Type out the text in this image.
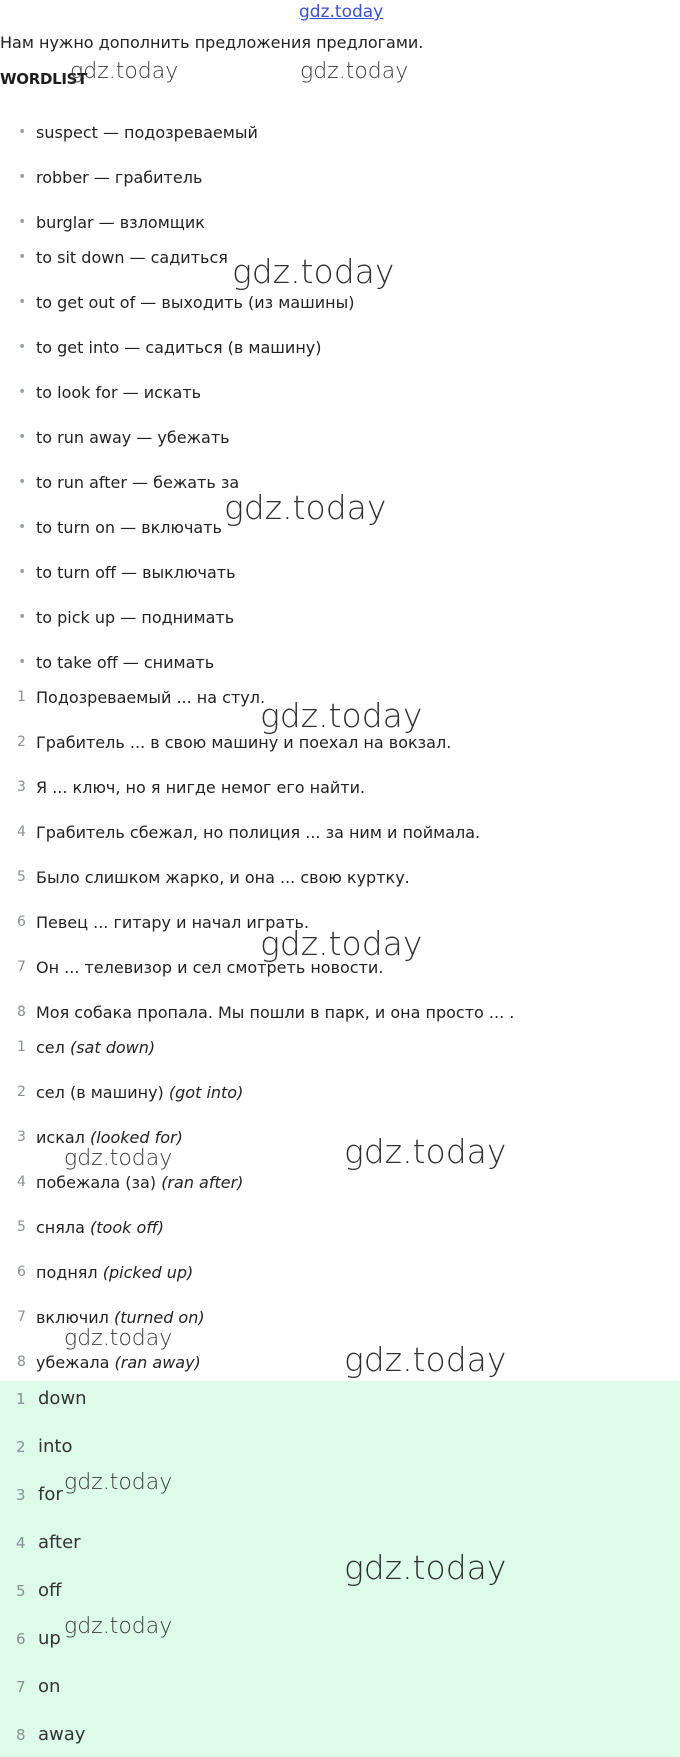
gdz.today
Нам нужно дополнить предложения предлогами.
WORDLIST
• suspect — подозреваемый
• robber — грабитель
• burglar — взломщик
• to sit down — садиться
• to get out of — выходить (из машины)
• to get into — садиться (в машину)
• to look for — искать
• to run away — убежать
• to run after — бежать за
• to turn on — включать
• to turn off — выключать
• to pick up — поднимать
• to take off — снимать
1 Подозреваемый ... на стул.
2 Грабитель ... в свою машину и поехал на вокзал.
3 Я ... ключ, но я нигде немог его найти.
4 Грабитель сбежал, но полиция ... за ним и поймала.
5 Было слишком жарко, и она ... свою куртку.
6 Певец ... гитару и начал играть.
7 Он ... телевизор и сел смотреть новости.
8 Моя собака пропала. Мы пошли в парк, и она просто ... .
1 сел (sat down)
2 сел (в машину) (got into)
3 искал (looked for)
4 побежала (за) (ran after)
5 сняла (took off)
6 поднял (picked up)
7 включил (turned on)
8 убежала (ran away)
1 down
2 into
3 for
4 after
5 off
6 up
7 on
8 away
gdz.today	gdz.today
gdz.today
gdz.today
gdz.today
gdz.today
gdz.today	gdz.today
gdz.today
gdz.today
gdz.today
gdz.today
gdz.today
